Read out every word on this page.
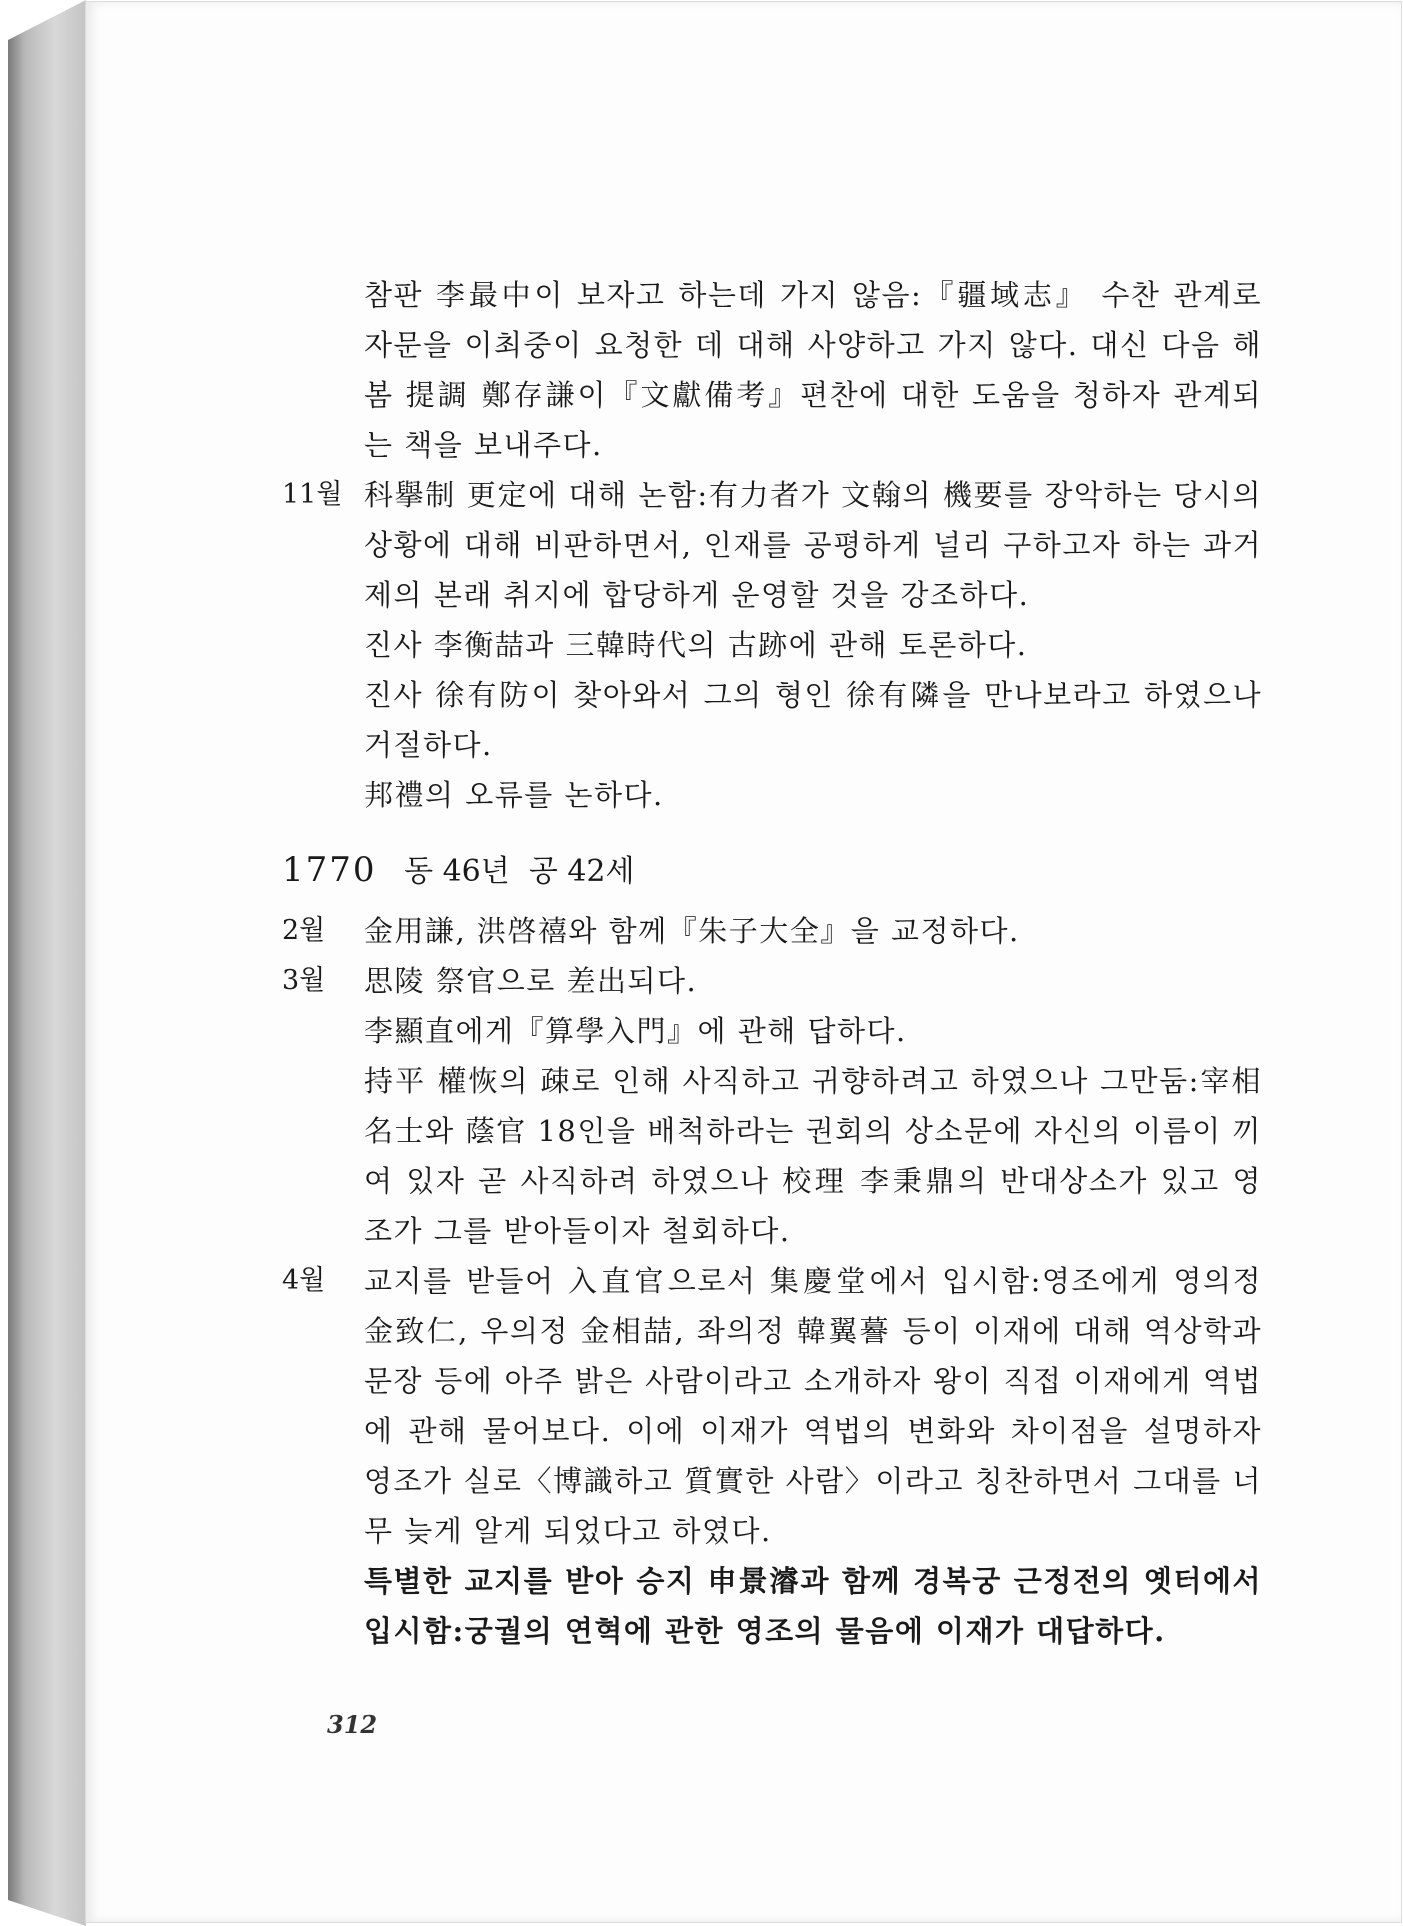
참판 李最中이 보자고 하는데 가지 않음:『疆域志』 수찬 관계로 자문을 이최중이 요청한 데 대해 사양하고 가지 않다. 대신 다음 해 봄 提調 鄭存謙이『文獻備考』편찬에 대한 도움을 청하자 관계되는 책을 보내주다.

11월 科擧制 更定에 대해 논함:有力者가 文翰의 機要를 장악하는 당시의 상황에 대해 비판하면서, 인재를 공평하게 널리 구하고자 하는 과거제의 본래 취지에 합당하게 운영할 것을 강조하다.

진사 李衡喆과 三韓時代의 古跡에 관해 토론하다.

진사 徐有防이 찾아와서 그의 형인 徐有隣을 만나보라고 하였으나 거절하다.

邦禮의 오류를 논하다.

1770 동 46년  공 42세
2월 金用謙, 洪啓禧와 함께『朱子大全』을 교정하다.

3월 思陵 祭官으로 差出되다.

李顯直에게『算學入門』에 관해 답하다.

持平 權恢의 疎로 인해 사직하고 귀향하려고 하였으나 그만둠:宰相 名士와 蔭官 18인을 배척하라는 권회의 상소문에 자신의 이름이 끼여 있자 곧 사직하려 하였으나 校理 李秉鼎의 반대상소가 있고 영조가 그를 받아들이자 철회하다.

4월 교지를 받들어 入直官으로서 集慶堂에서 입시함:영조에게 영의정 金致仁, 우의정 金相喆, 좌의정 韓翼謩 등이 이재에 대해 역상학과 문장 등에 아주 밝은 사람이라고 소개하자 왕이 직접 이재에게 역법에 관해 물어보다. 이에 이재가 역법의 변화와 차이점을 설명하자 영조가 실로〈博識하고 質實한 사람〉이라고 칭찬하면서 그대를 너무 늦게 알게 되었다고 하였다.

특별한 교지를 받아 승지 申景濬과 함께 경복궁 근정전의 옛터에서 입시함:궁궐의 연혁에 관한 영조의 물음에 이재가 대답하다.

312
